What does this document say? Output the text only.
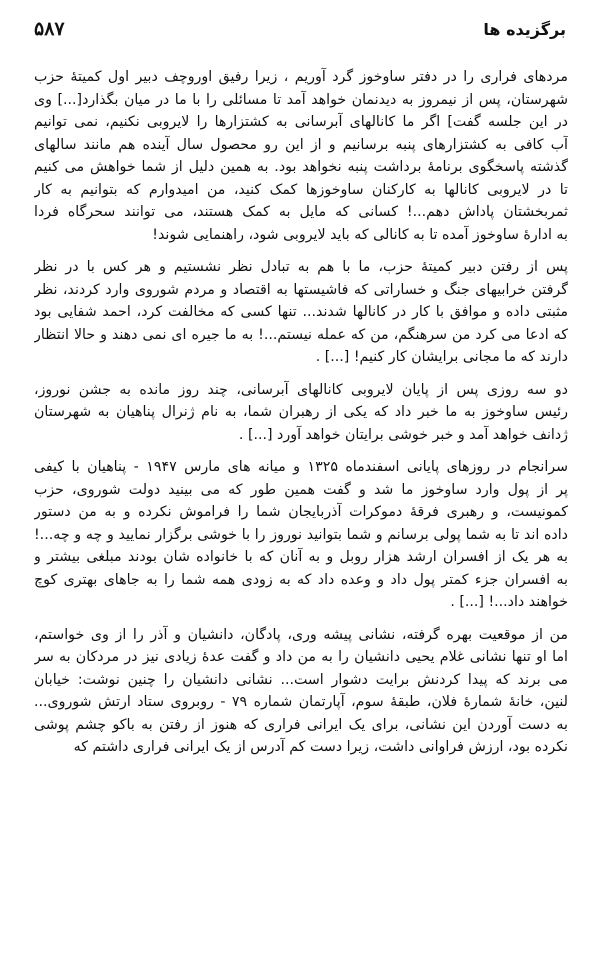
۵۸۷	برگزیده ها
مردهای فراری را در دفتر ساوخوز گرد آوریم ، زیرا رفیق اوروچف دبیر اول کمیتهٔ حزب
شهرستان، پس از نیمروز به دیدنمان خواهد آمد تا مسائلی را با ما در میان بگذارد[...] وی
در این جلسه گفت] اگر ما کانالهای آبرسانی به کشتزارها را لایروبی نکنیم، نمی توانیم
آب کافی به کشتزارهای پنبه برسانیم و از این رو محصول سال آینده هم مانند سالهای
گذشته پاسخگوی برنامهٔ برداشت پنبه نخواهد بود. به همین دلیل از شما خواهش می کنیم
تا در لایروبی کانالها به کارکنان ساوخوزها کمک کنید، من امیدوارم که بتوانیم به کار
ثمربخشتان پاداش دهم...! کسانی که مایل به کمک هستند، می توانند سحرگاه فردا
به ادارهٔ ساوخوز آمده تا به کانالی که باید لایروبی شود، راهنمایی شوند!
پس از رفتن دبیر کمیتهٔ حزب، ما با هم به تبادل نظر نشستیم و هر کس با در نظر
گرفتن خرابیهای جنگ و خساراتی که فاشیستها به اقتصاد و مردم شوروی وارد کردند، نظر
مثبتی داده و موافق با کار در کانالها شدند... تنها کسی که مخالفت کرد، احمد شفایی بود
که ادعا می کرد من سرهنگم، من که عمله نیستم...! به ما جیره ای نمی دهند و حالا انتظار
دارند که ما مجانی برایشان کار کنیم! [...] .
دو سه روزی پس از پایان لایروبی کانالهای آبرسانی، چند روز مانده به جشن نوروز،
رئیس ساوخوز به ما خبر داد که یکی از رهبران شما، به نام ژنرال پناهیان به شهرستان
ژدانف خواهد آمد و خبر خوشی برایتان خواهد آورد [...] .
سرانجام در روزهای پایانی اسفندماه ۱۳۲۵ و میانه های مارس ۱۹۴۷ - پناهیان با کیفی
پر از پول وارد ساوخوز ما شد و گفت همین طور که می بینید دولت شوروی، حزب
کمونیست، و رهبری فرقهٔ دموکرات آذربایجان شما را فراموش نکرده و به من دستور
داده اند تا به شما پولی برسانم و شما بتوانید نوروز را با خوشی برگزار نمایید و چه و چه...!
به هر یک از افسران ارشد هزار روبل و به آنان که با خانواده شان بودند مبلغی بیشتر و
به افسران جزء کمتر پول داد و وعده داد که به زودی همه شما را به جاهای بهتری کوچ
خواهند داد...! [...] .
من از موقعیت بهره گرفته، نشانی پیشه وری، پادگان، دانشیان و آذر را از وی خواستم،
اما او تنها نشانی غلام یحیی دانشیان را به من داد و گفت عدهٔ زیادی نیز در مردکان به سر
می برند که پیدا کردنش برایت دشوار است... نشانی دانشیان را چنین نوشت: خیابان
لنین، خانهٔ شمارهٔ فلان، طبقهٔ سوم، آپارتمان شماره ۷۹ - روبروی ستاد ارتش شوروی...
به دست آوردن این نشانی، برای یک ایرانی فراری که هنوز از رفتن به باکو چشم پوشی
نکرده بود، ارزش فراوانی داشت، زیرا دست کم آدرس از یک ایرانی فراری داشتم که
